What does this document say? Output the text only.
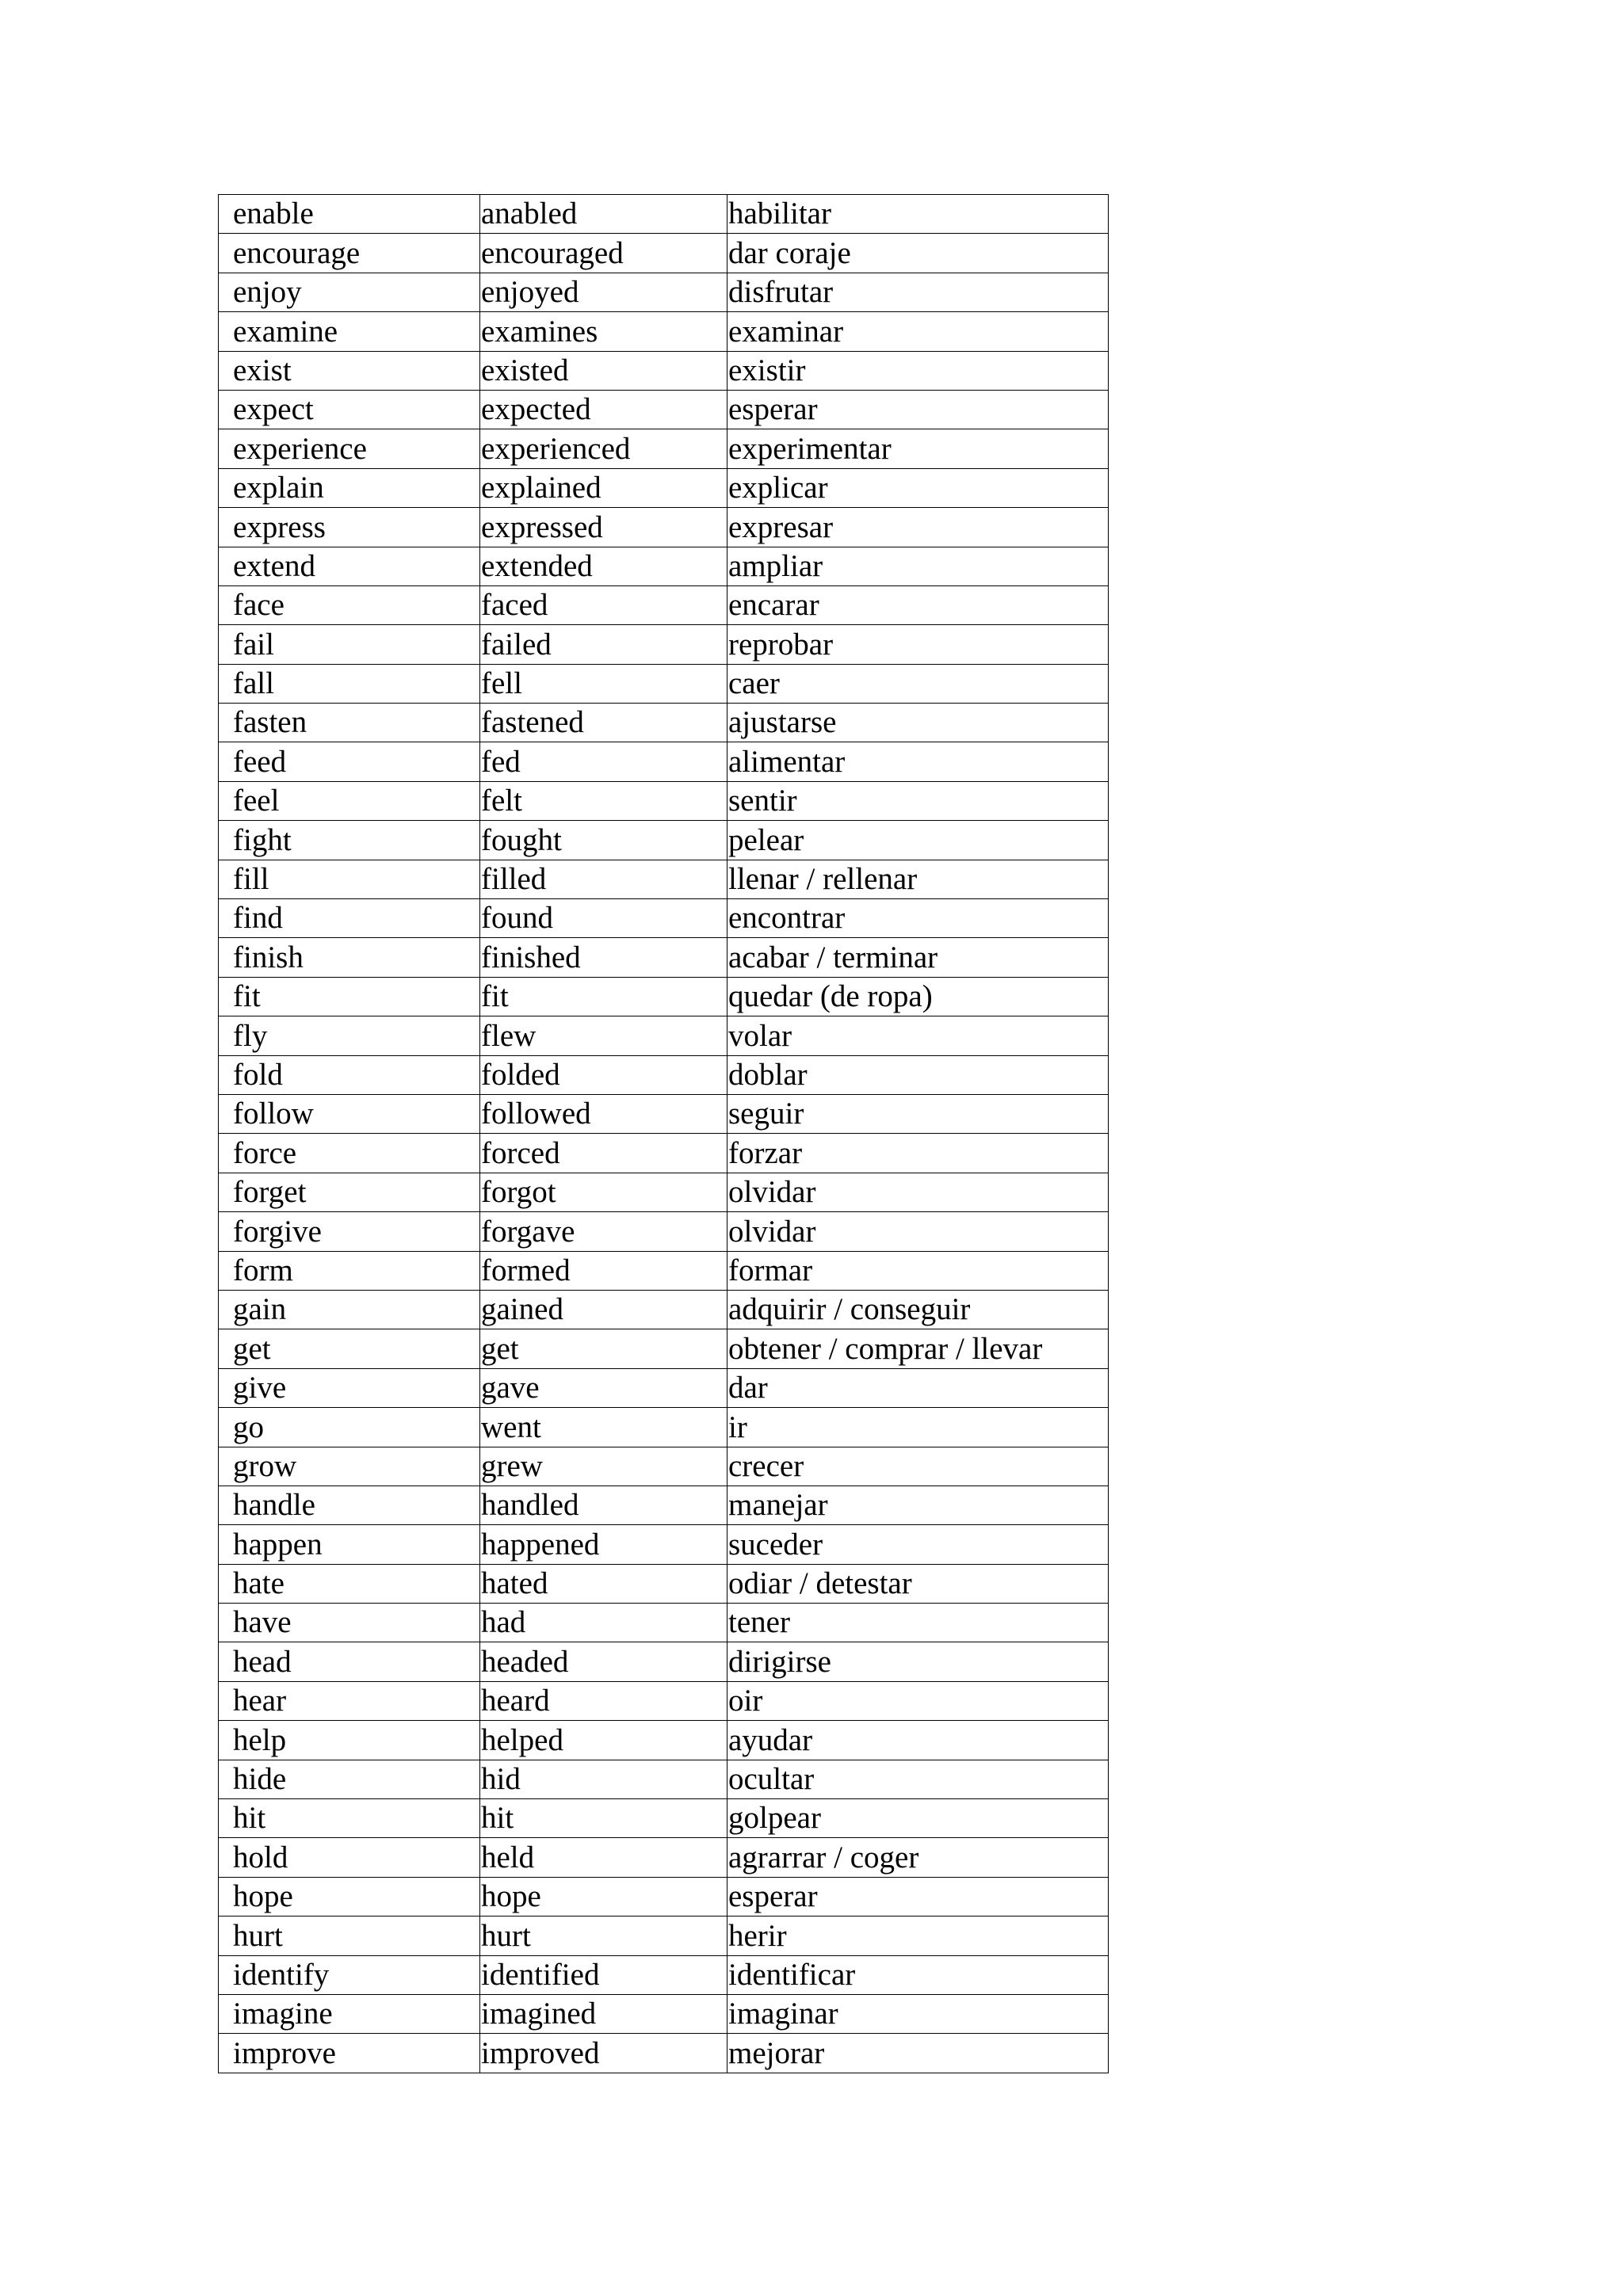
enable	anabled	habilitar
encourage	encouraged	dar coraje
enjoy	enjoyed	disfrutar
examine	examines	examinar
exist	existed	existir
expect	expected	esperar
experience	experienced	experimentar
explain	explained	explicar
express	expressed	expresar
extend	extended	ampliar
face	faced	encarar
fail	failed	reprobar
fall	fell	caer
fasten	fastened	ajustarse
feed	fed	alimentar
feel	felt	sentir
fight	fought	pelear
fill	filled	llenar / rellenar
find	found	encontrar
finish	finished	acabar / terminar
fit	fit	quedar (de ropa)
fly	flew	volar
fold	folded	doblar
follow	followed	seguir
force	forced	forzar
forget	forgot	olvidar
forgive	forgave	olvidar
form	formed	formar
gain	gained	adquirir / conseguir
get	get	obtener / comprar / llevar
give	gave	dar
go	went	ir
grow	grew	crecer
handle	handled	manejar
happen	happened	suceder
hate	hated	odiar / detestar
have	had	tener
head	headed	dirigirse
hear	heard	oir
help	helped	ayudar
hide	hid	ocultar
hit	hit	golpear
hold	held	agrarrar / coger
hope	hope	esperar
hurt	hurt	herir
identify	identified	identificar
imagine	imagined	imaginar
improve	improved	mejorar
